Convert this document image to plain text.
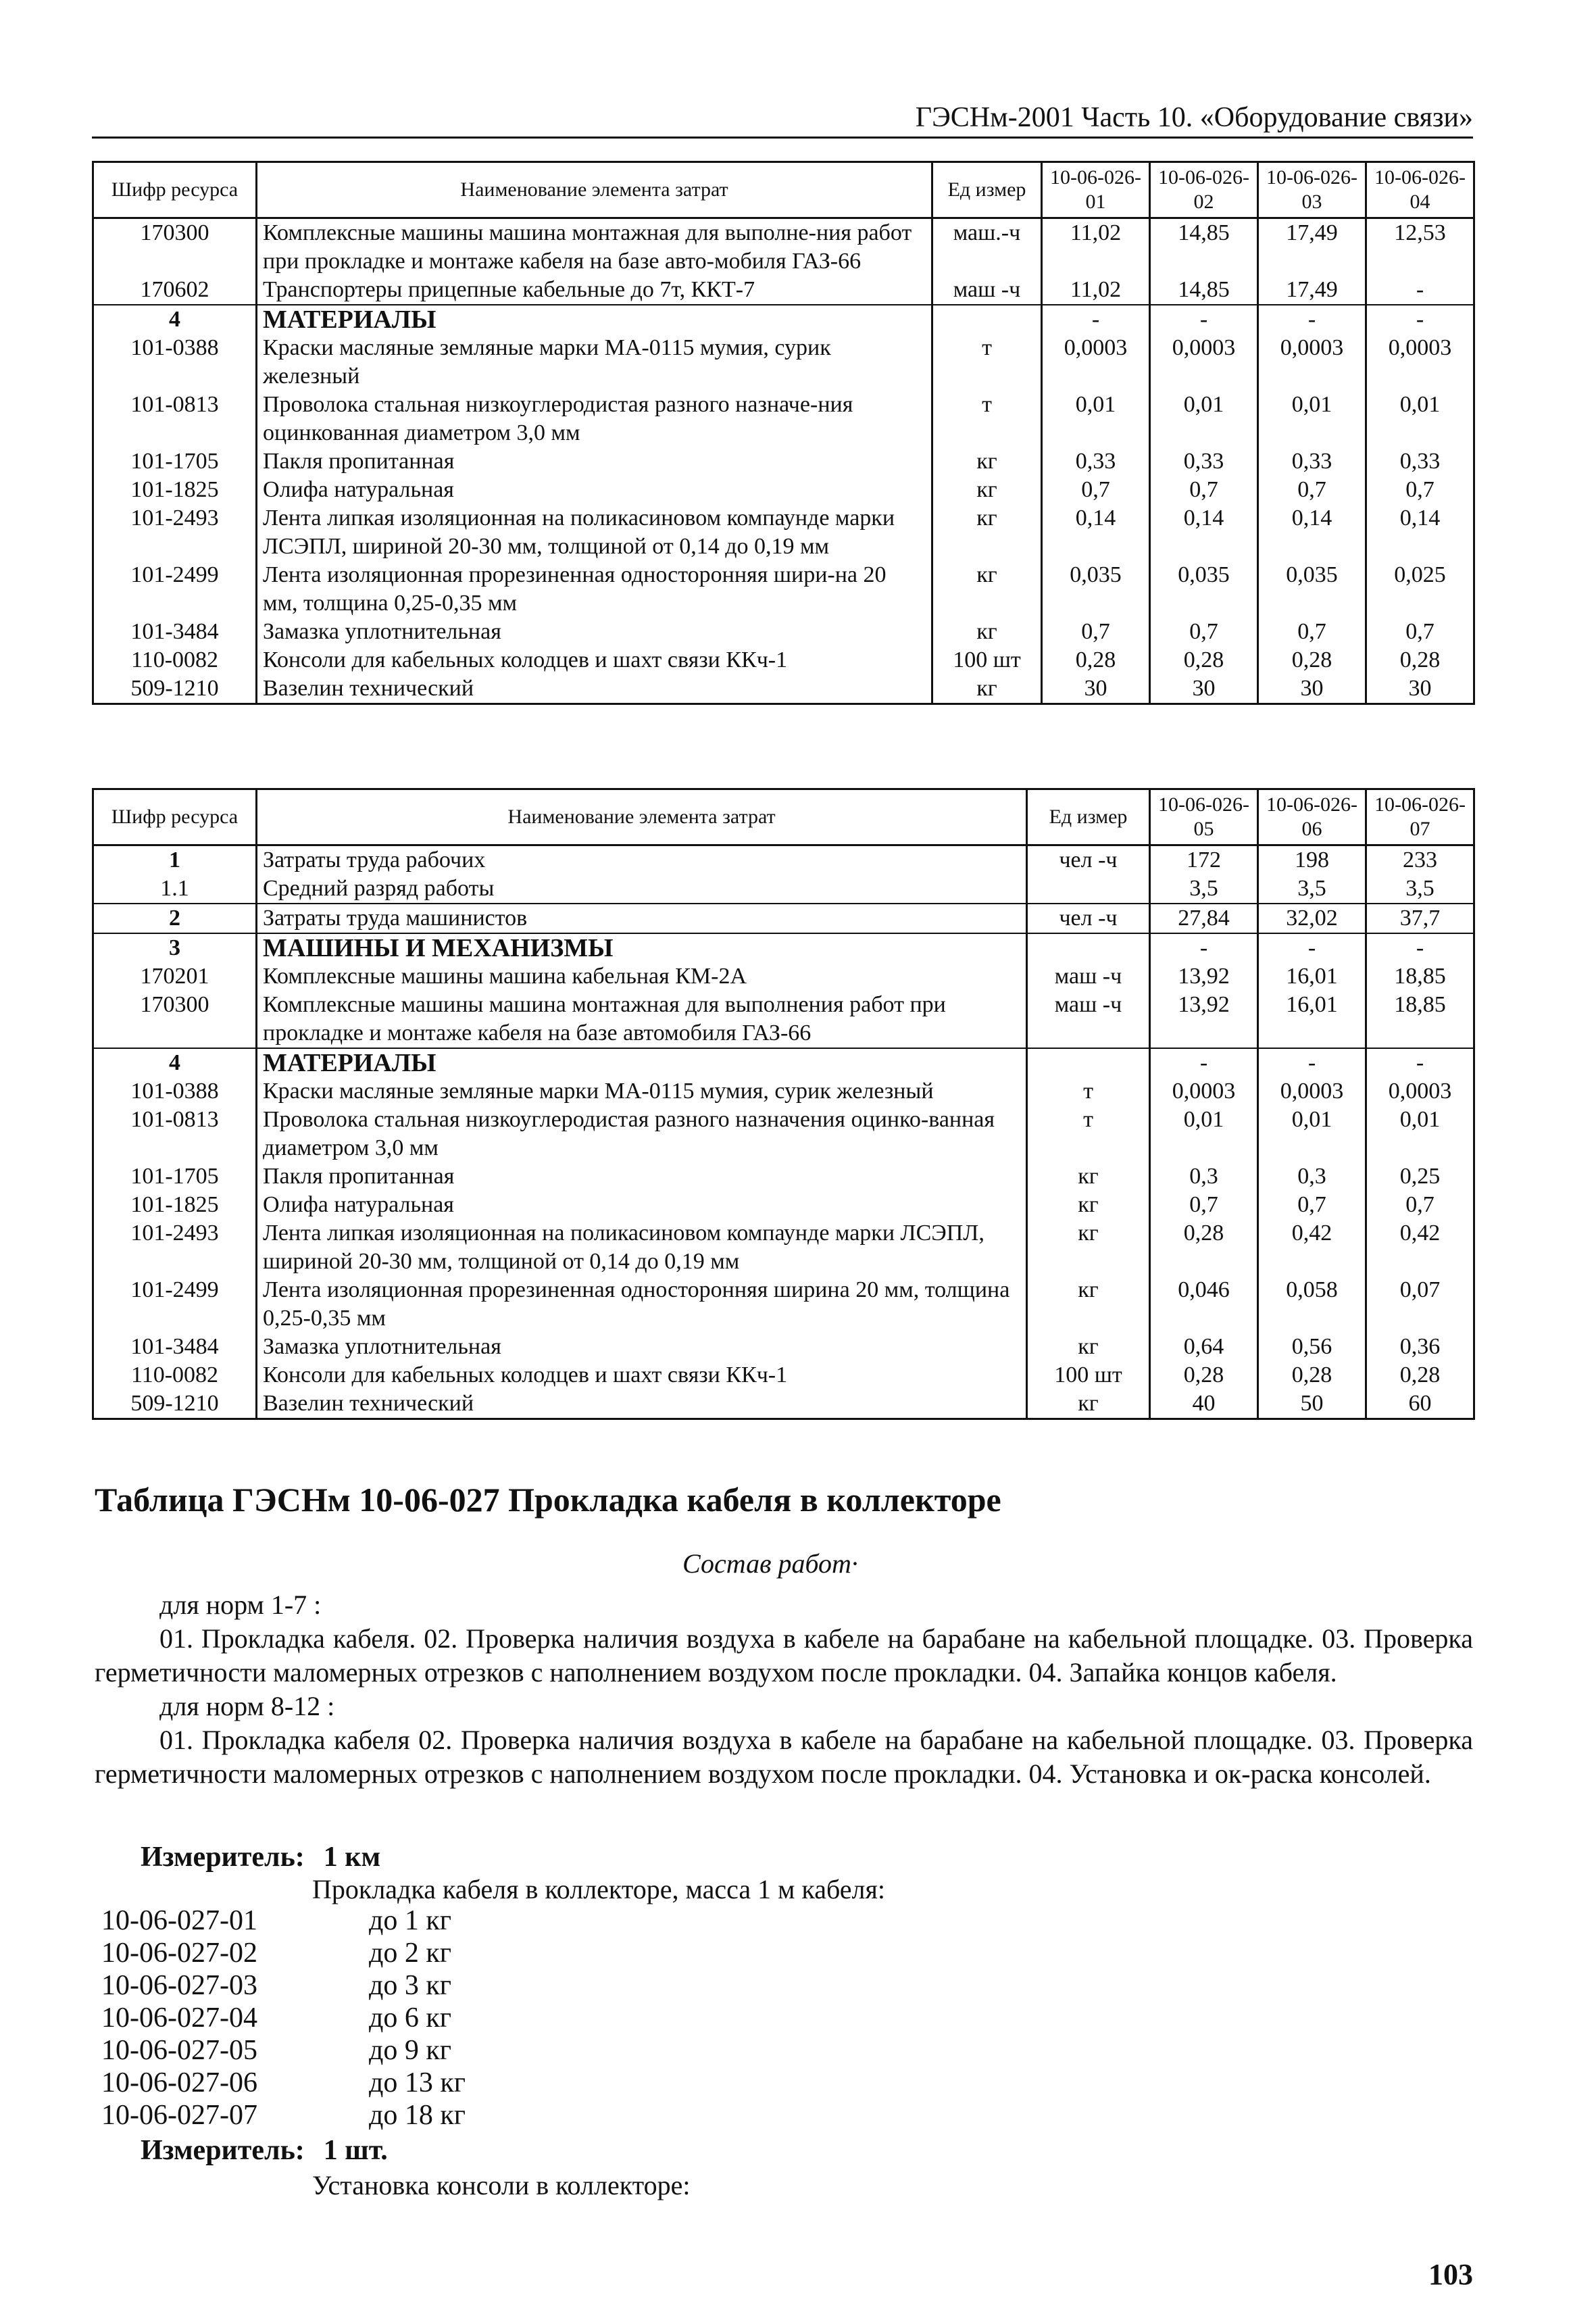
ГЭСНм-2001 Часть 10. «Оборудование связи»
Шифр ресурса	Наименование элемента затрат	Ед измер	10-06-026-01	10-06-026-02	10-06-026-03	10-06-026-04
170300	Комплексные машины машина монтажная для выполне-ния работ при прокладке и монтаже кабеля на базе авто-мобиля ГАЗ-66	маш.-ч	11,02	14,85	17,49	12,53
170602	Транспортеры прицепные кабельные до 7т, ККТ-7	маш -ч	11,02	14,85	17,49	-
4	МАТЕРИАЛЫ		-	-	-	-
101-0388	Краски масляные земляные марки МА-0115 мумия, сурик железный	т	0,0003	0,0003	0,0003	0,0003
101-0813	Проволока стальная низкоуглеродистая разного назначе-ния оцинкованная диаметром 3,0 мм	т	0,01	0,01	0,01	0,01
101-1705	Пакля пропитанная	кг	0,33	0,33	0,33	0,33
101-1825	Олифа натуральная	кг	0,7	0,7	0,7	0,7
101-2493	Лента липкая изоляционная на поликасиновом компаунде марки ЛСЭПЛ, шириной 20-30 мм, толщиной от 0,14 до 0,19 мм	кг	0,14	0,14	0,14	0,14
101-2499	Лента изоляционная прорезиненная односторонняя шири-на 20 мм, толщина 0,25-0,35 мм	кг	0,035	0,035	0,035	0,025
101-3484	Замазка уплотнительная	кг	0,7	0,7	0,7	0,7
110-0082	Консоли для кабельных колодцев и шахт связи ККч-1	100 шт	0,28	0,28	0,28	0,28
509-1210	Вазелин технический	кг	30	30	30	30
Шифр ресурса	Наименование элемента затрат	Ед измер	10-06-026-05	10-06-026-06	10-06-026-07
1	Затраты труда рабочих	чел -ч	172	198	233
1.1	Средний разряд работы		3,5	3,5	3,5
2	Затраты труда машинистов	чел -ч	27,84	32,02	37,7
3	МАШИНЫ И МЕХАНИЗМЫ		-	-	-
170201	Комплексные машины машина кабельная КМ-2А	маш -ч	13,92	16,01	18,85
170300	Комплексные машины машина монтажная для выполнения работ при прокладке и монтаже кабеля на базе автомобиля ГАЗ-66	маш -ч	13,92	16,01	18,85
4	МАТЕРИАЛЫ		-	-	-
101-0388	Краски масляные земляные марки МА-0115 мумия, сурик железный	т	0,0003	0,0003	0,0003
101-0813	Проволока стальная низкоуглеродистая разного назначения оцинко-ванная диаметром 3,0 мм	т	0,01	0,01	0,01
101-1705	Пакля пропитанная	кг	0,3	0,3	0,25
101-1825	Олифа натуральная	кг	0,7	0,7	0,7
101-2493	Лента липкая изоляционная на поликасиновом компаунде марки ЛСЭПЛ, шириной 20-30 мм, толщиной от 0,14 до 0,19 мм	кг	0,28	0,42	0,42
101-2499	Лента изоляционная прорезиненная односторонняя ширина 20 мм, толщина 0,25-0,35 мм	кг	0,046	0,058	0,07
101-3484	Замазка уплотнительная	кг	0,64	0,56	0,36
110-0082	Консоли для кабельных колодцев и шахт связи ККч-1	100 шт	0,28	0,28	0,28
509-1210	Вазелин технический	кг	40	50	60
Таблица ГЭСНм 10-06-027 Прокладка кабеля в коллекторе
Состав работ·

для норм 1-7 :

01. Прокладка кабеля. 02. Проверка наличия воздуха в кабеле на барабане на кабельной площадке. 03. Проверка герметичности маломерных отрезков с наполнением воздухом после прокладки. 04. Запайка концов кабеля.

для норм 8-12 :

01. Прокладка кабеля 02. Проверка наличия воздуха в кабеле на барабане на кабельной площадке. 03. Проверка герметичности маломерных отрезков с наполнением воздухом после прокладки. 04. Установка и ок-раска консолей.

Измеритель: 1 км
Прокладка кабеля в коллекторе, масса 1 м кабеля:
10-06-027-01	до 1 кг
10-06-027-02	до 2 кг
10-06-027-03	до 3 кг
10-06-027-04	до 6 кг
10-06-027-05	до 9 кг
10-06-027-06	до 13 кг
10-06-027-07	до 18 кг
Измеритель: 1 шт.
Установка консоли в коллекторе:
103
